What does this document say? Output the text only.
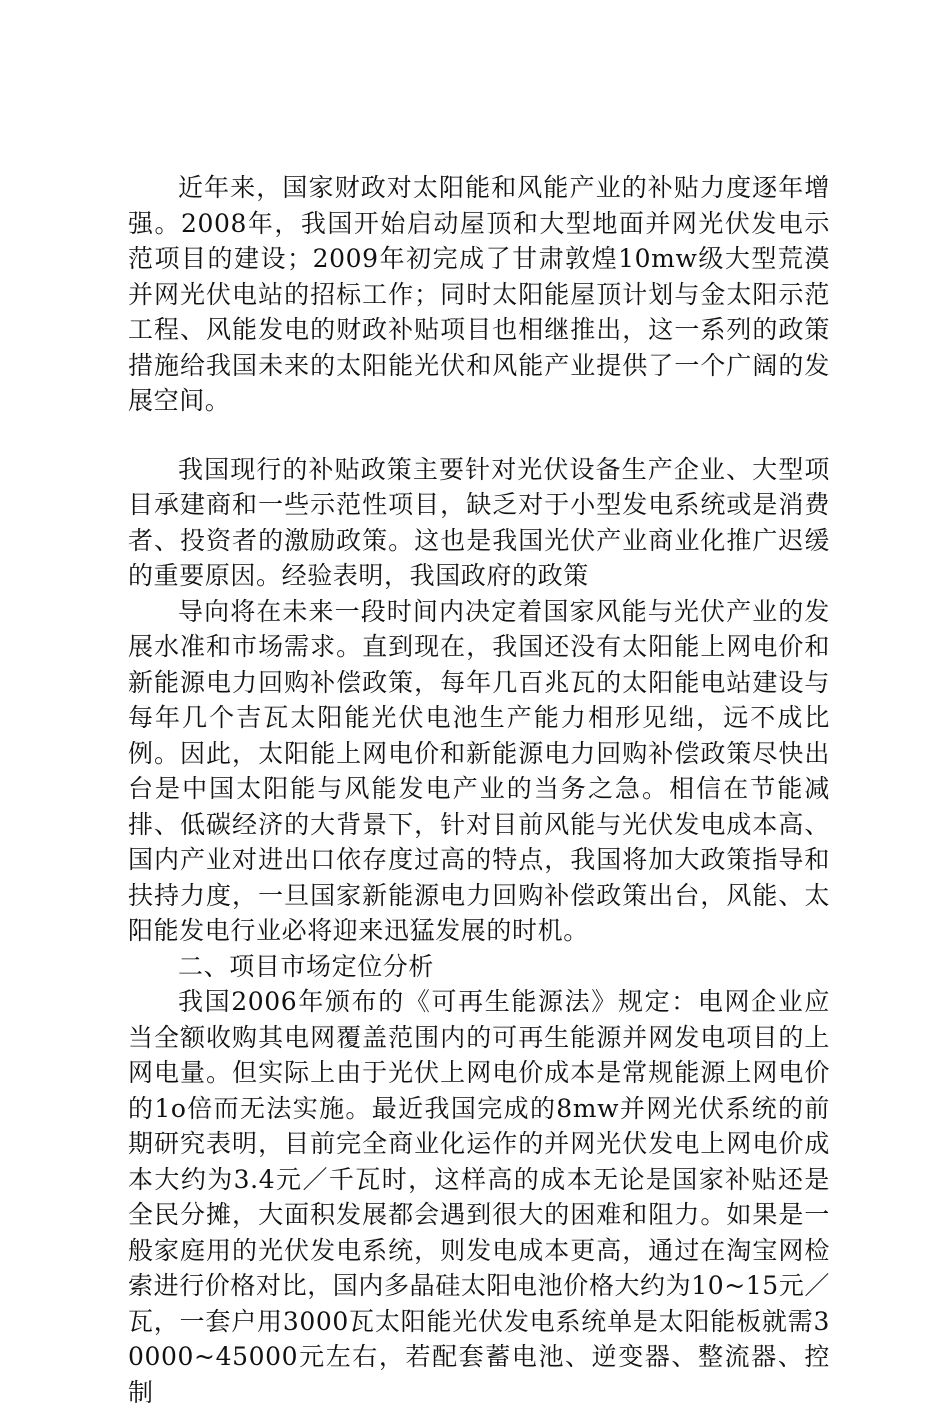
近年来，国家财政对太阳能和风能产业的补贴力度逐年增强。2008年，我国开始启动屋顶和大型地面并网光伏发电示范项目的建设；2009年初完成了甘肃敦煌10mw级大型荒漠并网光伏电站的招标工作；同时太阳能屋顶计划与金太阳示范工程、风能发电的财政补贴项目也相继推出，这一系列的政策措施给我国未来的太阳能光伏和风能产业提供了一个广阔的发展空间。

我国现行的补贴政策主要针对光伏设备生产企业、大型项目承建商和一些示范性项目，缺乏对于小型发电系统或是消费者、投资者的激励政策。这也是我国光伏产业商业化推广迟缓的重要原因。经验表明，我国政府的政策

导向将在未来一段时间内决定着国家风能与光伏产业的发展水准和市场需求。直到现在，我国还没有太阳能上网电价和新能源电力回购补偿政策，每年几百兆瓦的太阳能电站建设与每年几个吉瓦太阳能光伏电池生产能力相形见绌，远不成比例。因此，太阳能上网电价和新能源电力回购补偿政策尽快出台是中国太阳能与风能发电产业的当务之急。相信在节能减排、低碳经济的大背景下，针对目前风能与光伏发电成本高、国内产业对进出口依存度过高的特点，我国将加大政策指导和扶持力度，一旦国家新能源电力回购补偿政策出台，风能、太阳能发电行业必将迎来迅猛发展的时机。

二、项目市场定位分析

我国2006年颁布的《可再生能源法》规定：电网企业应当全额收购其电网覆盖范围内的可再生能源并网发电项目的上网电量。但实际上由于光伏上网电价成本是常规能源上网电价的1o倍而无法实施。最近我国完成的8mw并网光伏系统的前期研究表明，目前完全商业化运作的并网光伏发电上网电价成本大约为3.4元／千瓦时，这样高的成本无论是国家补贴还是全民分摊，大面积发展都会遇到很大的困难和阻力。如果是一般家庭用的光伏发电系统，则发电成本更高，通过在淘宝网检索进行价格对比，国内多晶硅太阳电池价格大约为10~15元／瓦，一套户用3000瓦太阳能光伏发电系统单是太阳能板就需30000~45000元左右，若配套蓄电池、逆变器、整流器、控制
